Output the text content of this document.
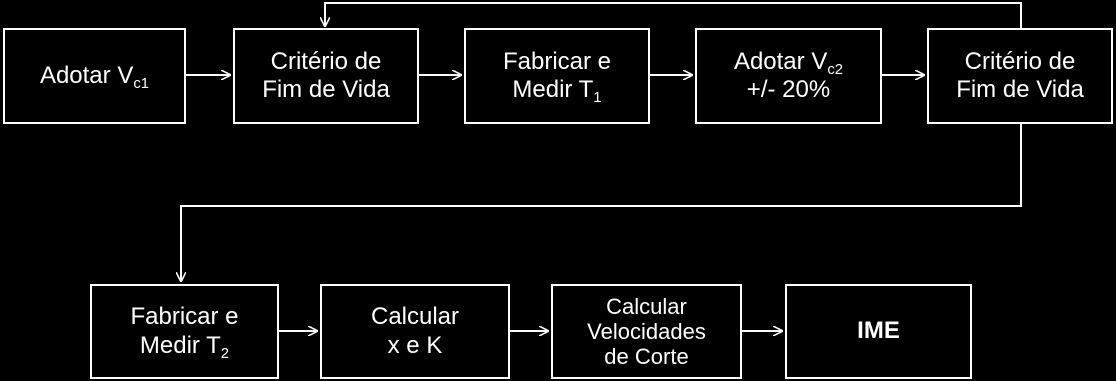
Adotar $V_{c1}$
Critério de
Fim de Vida
Fabricar e
Medir $T_1$
Adotar $V_{c2}$
+/- 20%
Critério de
Fim de Vida
Fabricar e
Medir $T_2$
Calcular
x e K
Calcular
Velocidades
de Corte
IME
